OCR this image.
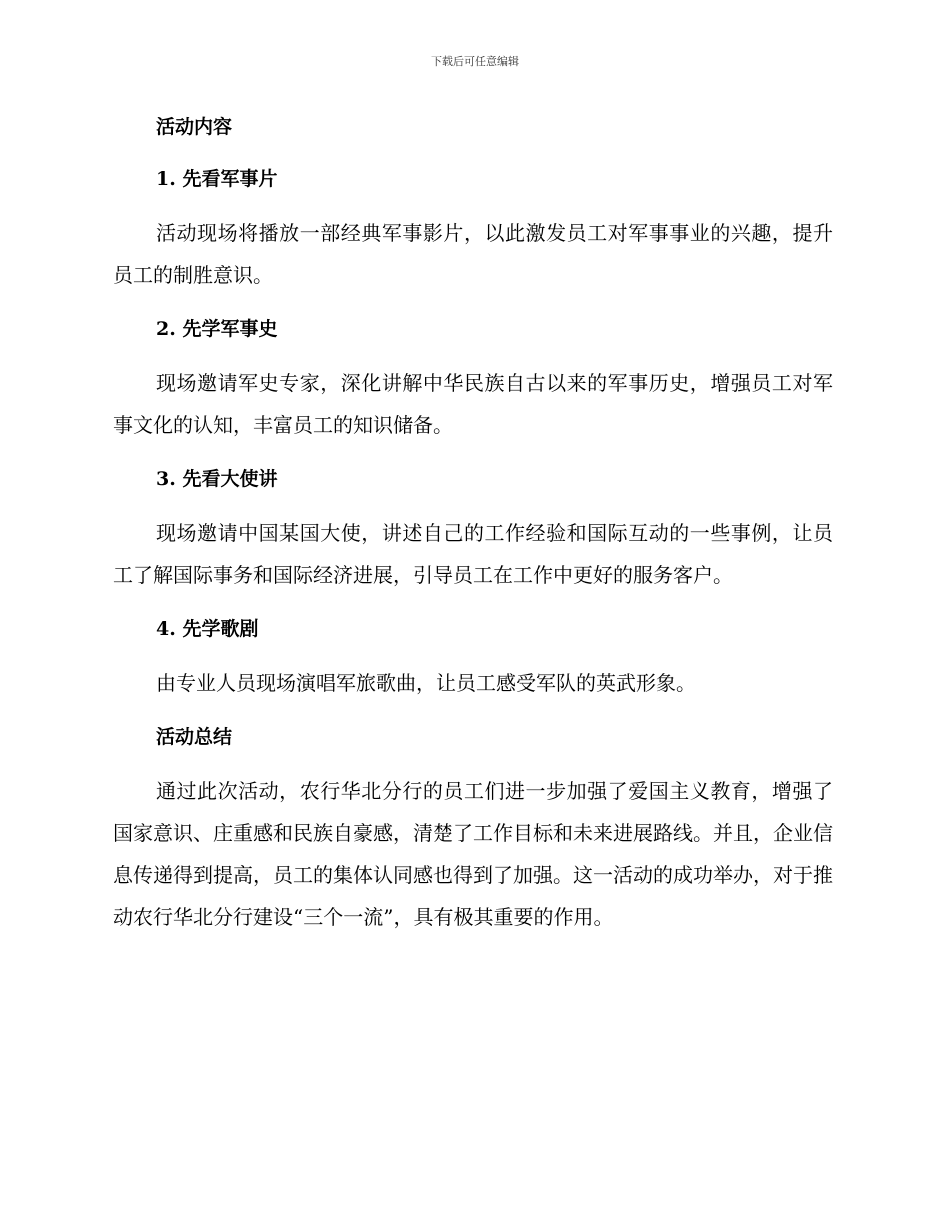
下载后可任意编辑
活动内容
1. 先看军事片
活动现场将播放一部经典军事影片，以此激发员工对军事事业的兴趣，提升员工的制胜意识。
2. 先学军事史
现场邀请军史专家，深化讲解中华民族自古以来的军事历史，增强员工对军事文化的认知，丰富员工的知识储备。
3. 先看大使讲
现场邀请中国某国大使，讲述自己的工作经验和国际互动的一些事例，让员工了解国际事务和国际经济进展，引导员工在工作中更好的服务客户。
4. 先学歌剧
由专业人员现场演唱军旅歌曲，让员工感受军队的英武形象。
活动总结
通过此次活动，农行华北分行的员工们进一步加强了爱国主义教育，增强了国家意识、庄重感和民族自豪感，清楚了工作目标和未来进展路线。并且，企业信息传递得到提高，员工的集体认同感也得到了加强。这一活动的成功举办，对于推动农行华北分行建设“三个一流”，具有极其重要的作用。
